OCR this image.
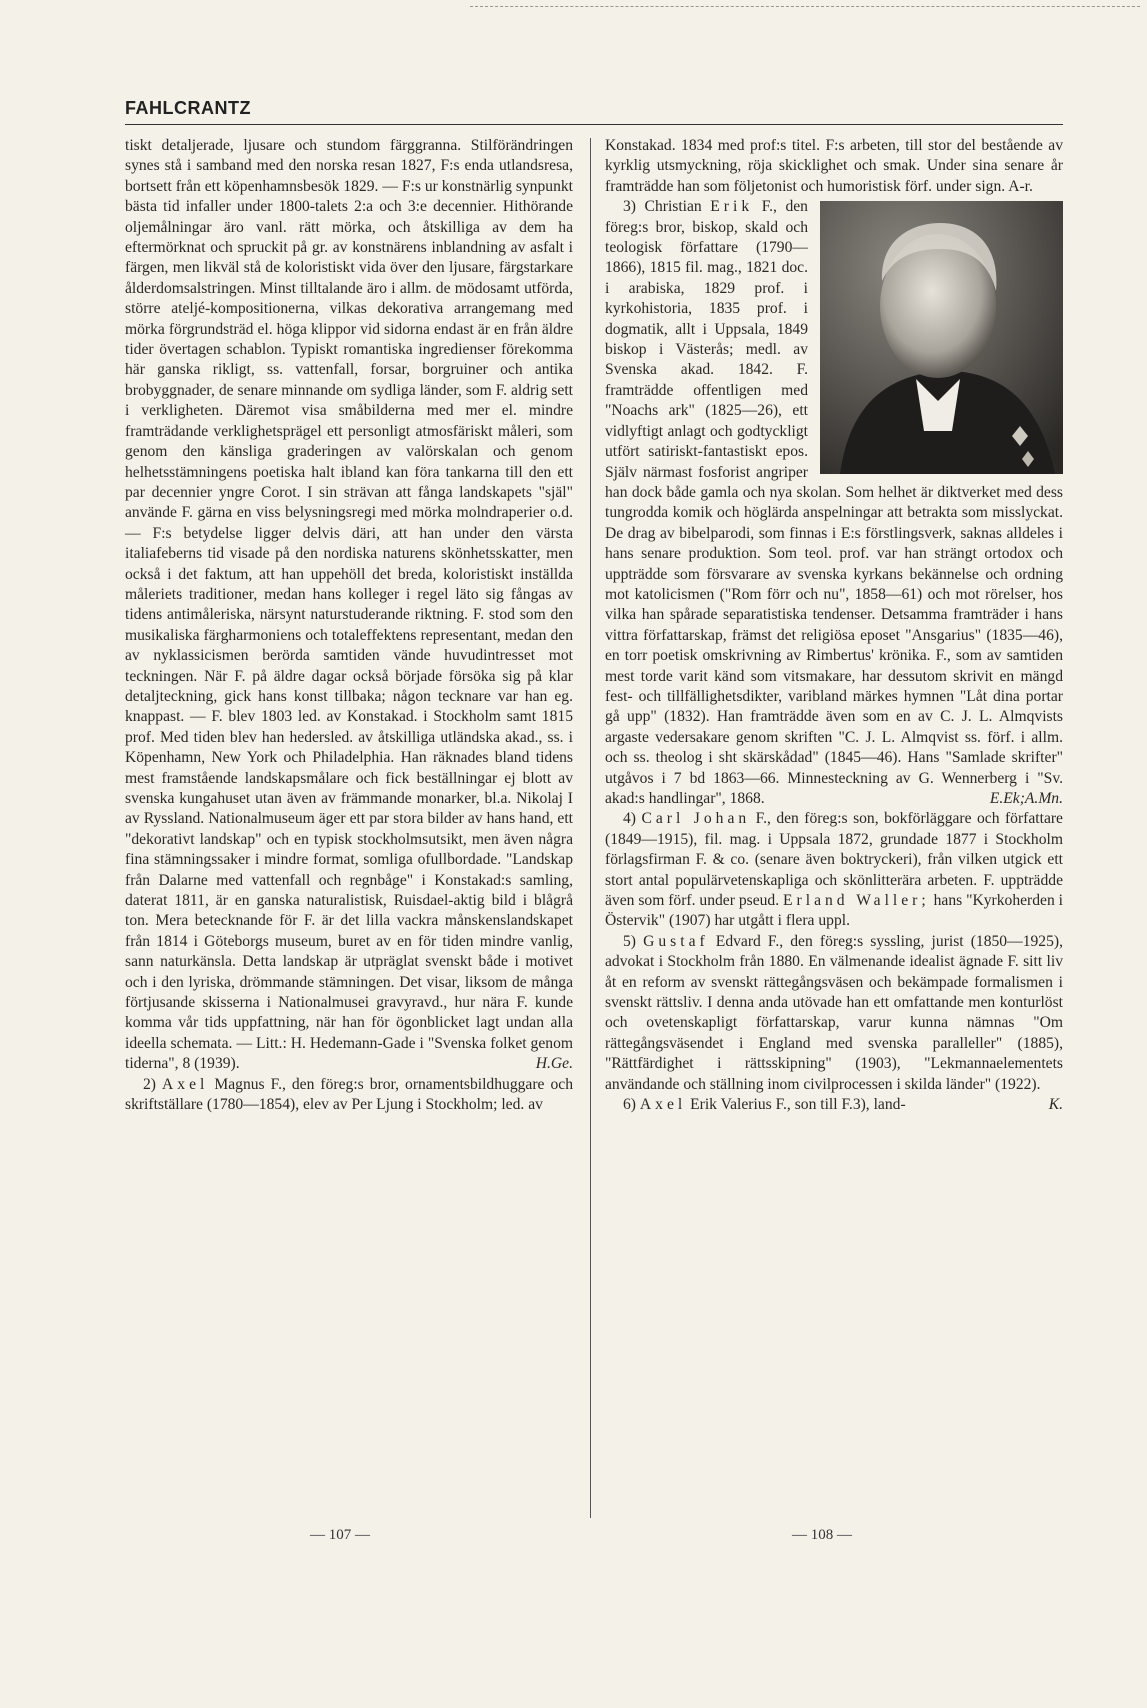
FAHLCRANTZ

tiskt detaljerade, ljusare och stundom färggranna. Stilförändringen synes stå i samband med den norska resan 1827, F:s enda utlandsresa, bortsett från ett köpenhamnsbesök 1829. — F:s ur konstnärlig synpunkt bästa tid infaller under 1800-talets 2:a och 3:e decennier. Hithörande oljemålningar äro vanl. rätt mörka, och åtskilliga av dem ha eftermörknat och spruckit på gr. av konstnärens inblandning av asfalt i färgen, men likväl stå de koloristiskt vida över den ljusare, färgstarkare ålderdomsalstringen. Minst tilltalande äro i allm. de mödosamt utförda, större ateljé-kompositionerna, vilkas dekorativa arrangemang med mörka förgrundsträd el. höga klippor vid sidorna endast är en från äldre tider övertagen schablon. Typiskt romantiska ingredienser förekomma här ganska rikligt, ss. vattenfall, forsar, borgruiner och antika brobyggnader, de senare minnande om sydliga länder, som F. aldrig sett i verkligheten. Däremot visa småbilderna med mer el. mindre framträdande verklighetsprägel ett personligt atmosfäriskt måleri, som genom den känsliga graderingen av valörskalan och genom helhetsstämningens poetiska halt ibland kan föra tankarna till den ett par decennier yngre Corot. I sin strävan att fånga landskapets "själ" använde F. gärna en viss belysningsregi med mörka molndraperier o.d. — F:s betydelse ligger delvis däri, att han under den värsta italiafeberns tid visade på den nordiska naturens skönhetsskatter, men också i det faktum, att han uppehöll det breda, koloristiskt inställda måleriets traditioner, medan hans kolleger i regel läto sig fångas av tidens antimåleriska, närsynt naturstuderande riktning. F. stod som den musikaliska färgharmoniens och totaleffektens representant, medan den av nyklassicismen berörda samtiden vände huvudintresset mot teckningen. När F. på äldre dagar också började försöka sig på klar detaljteckning, gick hans konst tillbaka; någon tecknare var han eg. knappast. — F. blev 1803 led. av Konstakad. i Stockholm samt 1815 prof. Med tiden blev han hedersled. av åtskilliga utländska akad., ss. i Köpenhamn, New York och Philadelphia. Han räknades bland tidens mest framstående landskapsmålare och fick beställningar ej blott av svenska kungahuset utan även av främmande monarker, bl.a. Nikolaj I av Ryssland. Nationalmuseum äger ett par stora bilder av hans hand, ett "dekorativt landskap" och en typisk stockholmsutsikt, men även några fina stämningssaker i mindre format, somliga ofullbordade. "Landskap från Dalarne med vattenfall och regnbåge" i Konstakad:s samling, daterat 1811, är en ganska naturalistisk, Ruisdael-aktig bild i blågrå ton. Mera betecknande för F. är det lilla vackra månskenslandskapet från 1814 i Göteborgs museum, buret av en för tiden mindre vanlig, sann naturkänsla. Detta landskap är utpräglat svenskt både i motivet och i den lyriska, drömmande stämningen. Det visar, liksom de många förtjusande skisserna i Nationalmusei gravyravd., hur nära F. kunde komma vår tids uppfattning, när han för ögonblicket lagt undan alla ideella schemata. — Litt.: H. Hedemann-Gade i "Svenska folket genom tiderna", 8 (1939).	H.Ge.

2) Axel Magnus F., den föreg:s bror, ornamentsbildhuggare och skriftställare (1780—1854), elev av Per Ljung i Stockholm; led. av

Konstakad. 1834 med prof:s titel. F:s arbeten, till stor del bestående av kyrklig utsmyckning, röja skicklighet och smak. Under sina senare år framträdde han som följetonist och humoristisk förf. under sign. A-r.

3) Christian Erik F., den föreg:s bror, biskop, skald och teologisk författare (1790—1866), 1815 fil. mag., 1821 doc. i arabiska, 1829 prof. i kyrkohistoria, 1835 prof. i dogmatik, allt i Uppsala, 1849 biskop i Västerås; medl. av Svenska akad. 1842. F. framträdde offentligen med "Noachs ark" (1825—26), ett vidlyftigt anlagt och godtyckligt utfört satiriskt-fantastiskt epos. Själv närmast fosforist angriper han dock både gamla och nya skolan. Som helhet är diktverket med dess tungrodda komik och höglärda anspelningar att betrakta som misslyckat. De drag av bibelparodi, som finnas i E:s förstlingsverk, saknas alldeles i hans senare produktion. Som teol. prof. var han strängt ortodox och uppträdde som försvarare av svenska kyrkans bekännelse och ordning mot katolicismen ("Rom förr och nu", 1858—61) och mot rörelser, hos vilka han spårade separatistiska tendenser. Detsamma framträder i hans vittra författarskap, främst det religiösa eposet "Ansgarius" (1835—46), en torr poetisk omskrivning av Rimbertus' krönika. F., som av samtiden mest torde varit känd som vitsmakare, har dessutom skrivit en mängd fest- och tillfällighetsdikter, varibland märkes hymnen "Låt dina portar gå upp" (1832). Han framträdde även som en av C. J. L. Almqvists argaste vedersakare genom skriften "C. J. L. Almqvist ss. förf. i allm. och ss. theolog i sht skärskådad" (1845—46). Hans "Samlade skrifter" utgåvos i 7 bd 1863—66. Minnesteckning av G. Wennerberg i "Sv. akad:s handlingar", 1868.	E.Ek;A.Mn.

4) Carl Johan F., den föreg:s son, bokförläggare och författare (1849—1915), fil. mag. i Uppsala 1872, grundade 1877 i Stockholm förlagsfirman F. & co. (senare även boktryckeri), från vilken utgick ett stort antal populärvetenskapliga och skönlitterära arbeten. F. uppträdde även som förf. under pseud. Erland Waller; hans "Kyrkoherden i Östervik" (1907) har utgått i flera uppl.

5) Gustaf Edvard F., den föreg:s syssling, jurist (1850—1925), advokat i Stockholm från 1880. En välmenande idealist ägnade F. sitt liv åt en reform av svenskt rättegångsväsen och bekämpade formalismen i svenskt rättsliv. I denna anda utövade han ett omfattande men konturlöst och ovetenskapligt författarskap, varur kunna nämnas "Om rättegångsväsendet i England med svenska paralleller" (1885), "Rättfärdighet i rättsskipning" (1903), "Lekmannaelementets användande och ställning inom civilprocessen i skilda länder" (1922).
K.

6) Axel Erik Valerius F., son till F.3), land-

— 107 —	— 108 —
